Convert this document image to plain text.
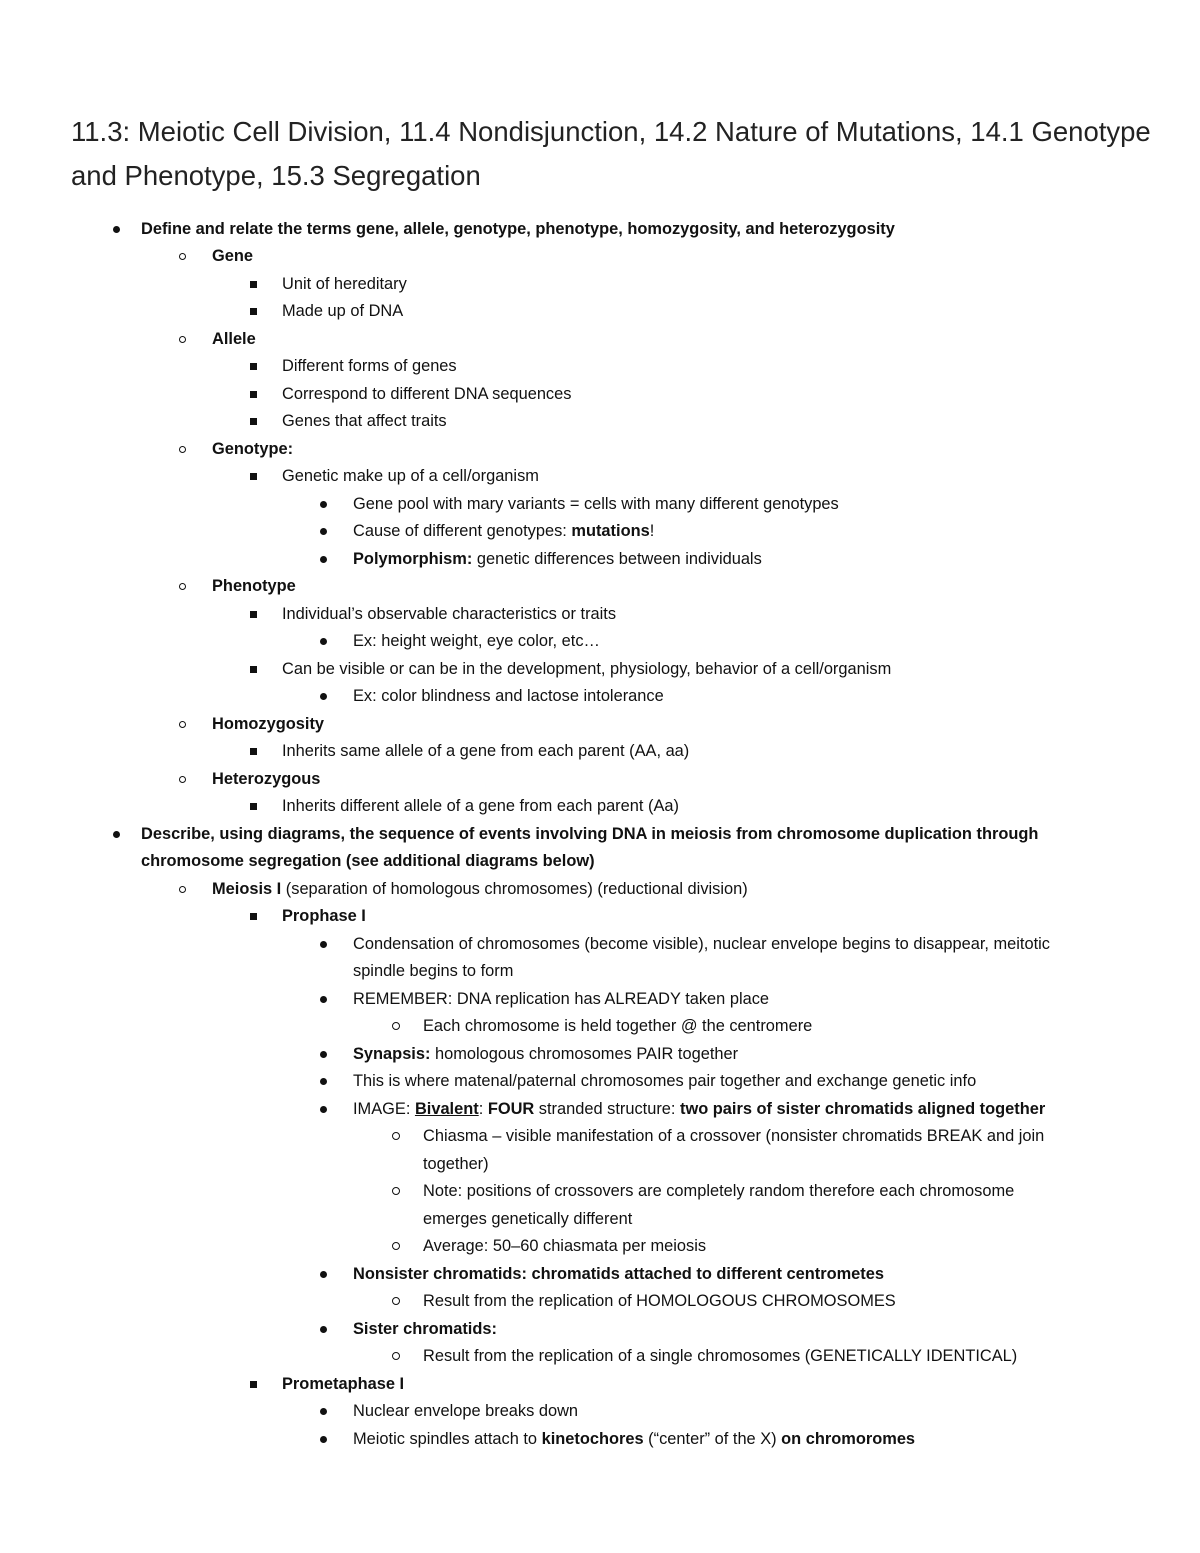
11.3: Meiotic Cell Division, 11.4 Nondisjunction, 14.2 Nature of Mutations, 14.1 Genotype and Phenotype, 15.3 Segregation
Define and relate the terms gene, allele, genotype, phenotype, homozygosity, and heterozygosity
Gene
Unit of hereditary
Made up of DNA
Allele
Different forms of genes
Correspond to different DNA sequences
Genes that affect traits
Genotype:
Genetic make up of a cell/organism
Gene pool with mary variants = cells with many different genotypes
Cause of different genotypes: mutations!
Polymorphism: genetic differences between individuals
Phenotype
Individual’s observable characteristics or traits
Ex: height weight, eye color, etc…
Can be visible or can be in the development, physiology, behavior of a cell/organism
Ex: color blindness and lactose intolerance
Homozygosity
Inherits same allele of a gene from each parent (AA, aa)
Heterozygous
Inherits different allele of a gene from each parent (Aa)
Describe, using diagrams, the sequence of events involving DNA in meiosis from chromosome duplication through
chromosome segregation (see additional diagrams below)
Meiosis I (separation of homologous chromosomes) (reductional division)
Prophase I
Condensation of chromosomes (become visible), nuclear envelope begins to disappear, meitotic
spindle begins to form
REMEMBER: DNA replication has ALREADY taken place
Each chromosome is held together @ the centromere
Synapsis: homologous chromosomes PAIR together
This is where matenal/paternal chromosomes pair together and exchange genetic info
IMAGE: Bivalent: FOUR stranded structure: two pairs of sister chromatids aligned together
Chiasma – visible manifestation of a crossover (nonsister chromatids BREAK and join
together)
Note: positions of crossovers are completely random therefore each chromosome
emerges genetically different
Average: 50–60 chiasmata per meiosis
Nonsister chromatids: chromatids attached to different centrometes
Result from the replication of HOMOLOGOUS CHROMOSOMES
Sister chromatids:
Result from the replication of a single chromosomes (GENETICALLY IDENTICAL)
Prometaphase I
Nuclear envelope breaks down
Meiotic spindles attach to kinetochores (“center” of the X) on chromoromes
